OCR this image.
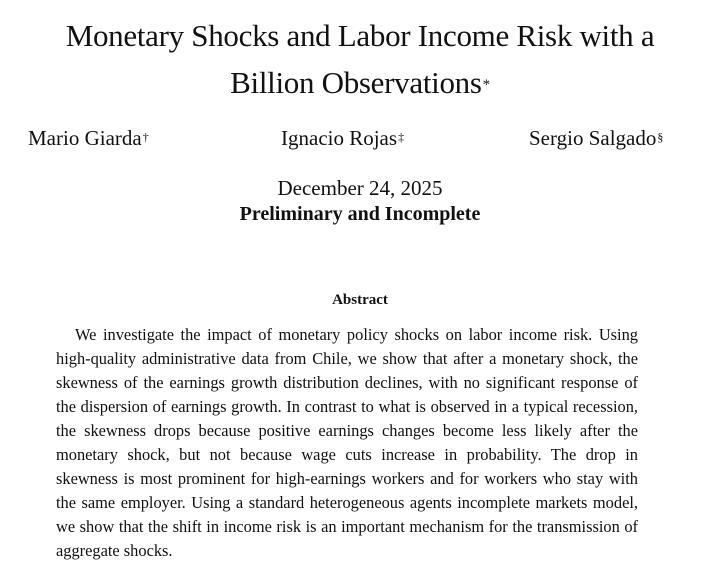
Monetary Shocks and Labor Income Risk with a
Billion Observations*
Mario Giarda†	Ignacio Rojas‡	Sergio Salgado§
December 24, 2025
Preliminary and Incomplete
Abstract

We investigate the impact of monetary policy shocks on labor income risk. Using high-quality administrative data from Chile, we show that after a monetary shock, the skewness of the earnings growth distribution declines, with no significant response of the dispersion of earnings growth. In contrast to what is observed in a typical recession, the skewness drops because positive earnings changes become less likely after the monetary shock, but not because wage cuts increase in probability. The drop in skewness is most prominent for high-earnings workers and for workers who stay with the same employer. Using a standard heterogeneous agents incomplete markets model, we show that the shift in income risk is an important mechanism for the transmission of aggregate shocks.
